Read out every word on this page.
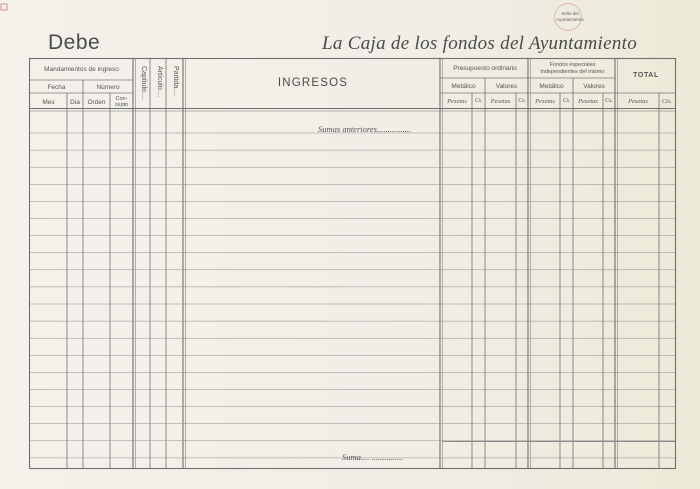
Debe	La Caja de los fondos del Ayuntamiento
Sello del
Ayuntamiento
Mandamientos de ingreso
Fecha	Número
Mes	Dia	Orden	Con-
cepto
Capítulo.... Artículo.... Partida....	INGRESOS
Presupuesto ordinario
Metálico	Valores
Fondos especiales
independientes del mismo
Metálico	Valores
TOTAL
Pesetas	Cs.	Pesetas	Cs.	Pesetas	Cs.	Pesetas	Cs.	Pesetas	Cts.
Sumas anteriores................
Suma.... ...............
